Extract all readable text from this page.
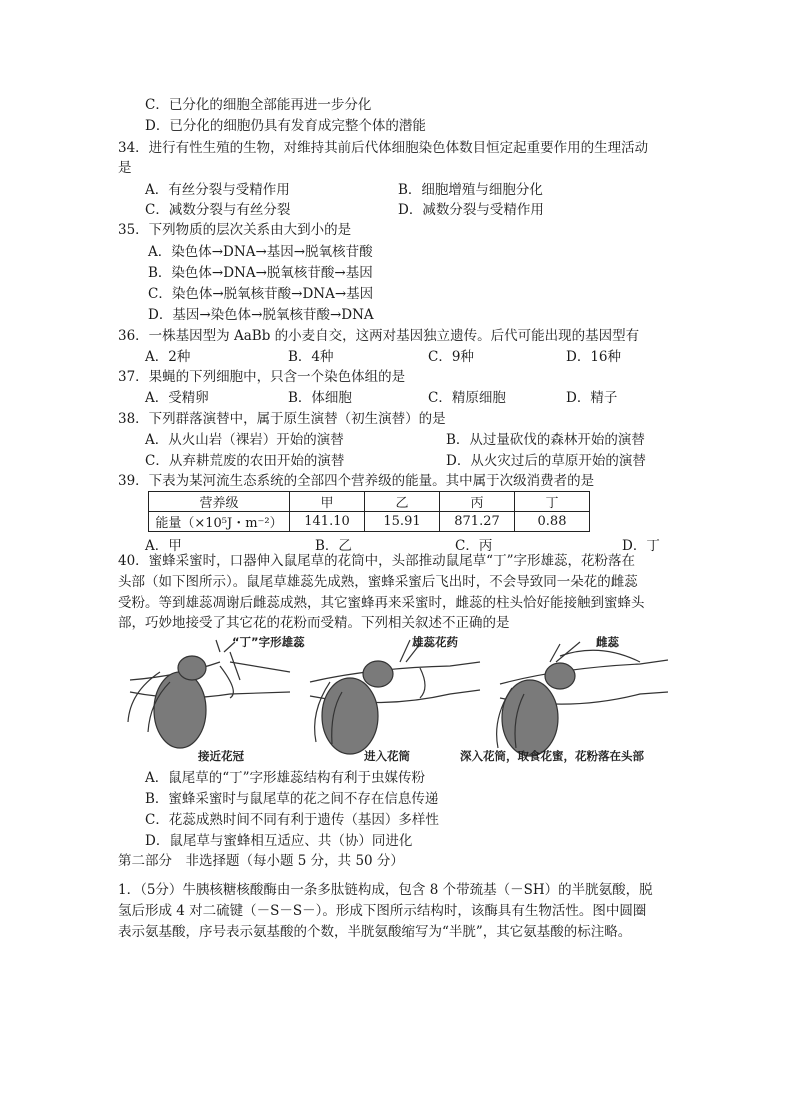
C．已分化的细胞全部能再进一步分化
D．已分化的细胞仍具有发育成完整个体的潜能
34．进行有性生殖的生物，对维持其前后代体细胞染色体数目恒定起重要作用的生理活动
是
A．有丝分裂与受精作用	B．细胞增殖与细胞分化
C．减数分裂与有丝分裂	D．减数分裂与受精作用
35．下列物质的层次关系由大到小的是
A．染色体→DNA→基因→脱氧核苷酸
B．染色体→DNA→脱氧核苷酸→基因
C．染色体→脱氧核苷酸→DNA→基因
D．基因→染色体→脱氧核苷酸→DNA
36．一株基因型为 AaBb 的小麦自交，这两对基因独立遗传。后代可能出现的基因型有
A．2种	B．4种	C．9种	D．16种
37．果蝇的下列细胞中，只含一个染色体组的是
A．受精卵	B．体细胞	C．精原细胞	D．精子
38．下列群落演替中，属于原生演替（初生演替）的是
A．从火山岩（裸岩）开始的演替	B．从过量砍伐的森林开始的演替
C．从弃耕荒废的农田开始的演替	D．从火灾过后的草原开始的演替
39．下表为某河流生态系统的全部四个营养级的能量。其中属于次级消费者的是
营养级	甲	乙	丙	丁
能量（×10⁵J・m⁻²）	141.10	15.91	871.27	0.88
A．甲	B．乙	C．丙	D．丁
40．蜜蜂采蜜时，口器伸入鼠尾草的花筒中，头部推动鼠尾草“丁”字形雄蕊，花粉落在
头部（如下图所示）。鼠尾草雄蕊先成熟，蜜蜂采蜜后飞出时，不会导致同一朵花的雌蕊
受粉。等到雄蕊凋谢后雌蕊成熟，其它蜜蜂再来采蜜时，雌蕊的柱头恰好能接触到蜜蜂头
部，巧妙地接受了其它花的花粉而受精。下列相关叙述不正确的是
“丁”字形雄蕊	雄蕊花药	雌蕊
接近花冠	进入花筒	深入花筒，取食花蜜，花粉落在头部
A．鼠尾草的“丁”字形雄蕊结构有利于虫媒传粉
B．蜜蜂采蜜时与鼠尾草的花之间不存在信息传递
C．花蕊成熟时间不同有利于遗传（基因）多样性
D．鼠尾草与蜜蜂相互适应、共（协）同进化
第二部分　非选择题（每小题 5 分，共 50 分）
1．（5分）牛胰核糖核酸酶由一条多肽链构成，包含 8 个带巯基（－SH）的半胱氨酸，脱
氢后形成 4 对二硫键（－S－S－）。形成下图所示结构时，该酶具有生物活性。图中圆圈
表示氨基酸，序号表示氨基酸的个数，半胱氨酸缩写为“半胱”，其它氨基酸的标注略。
